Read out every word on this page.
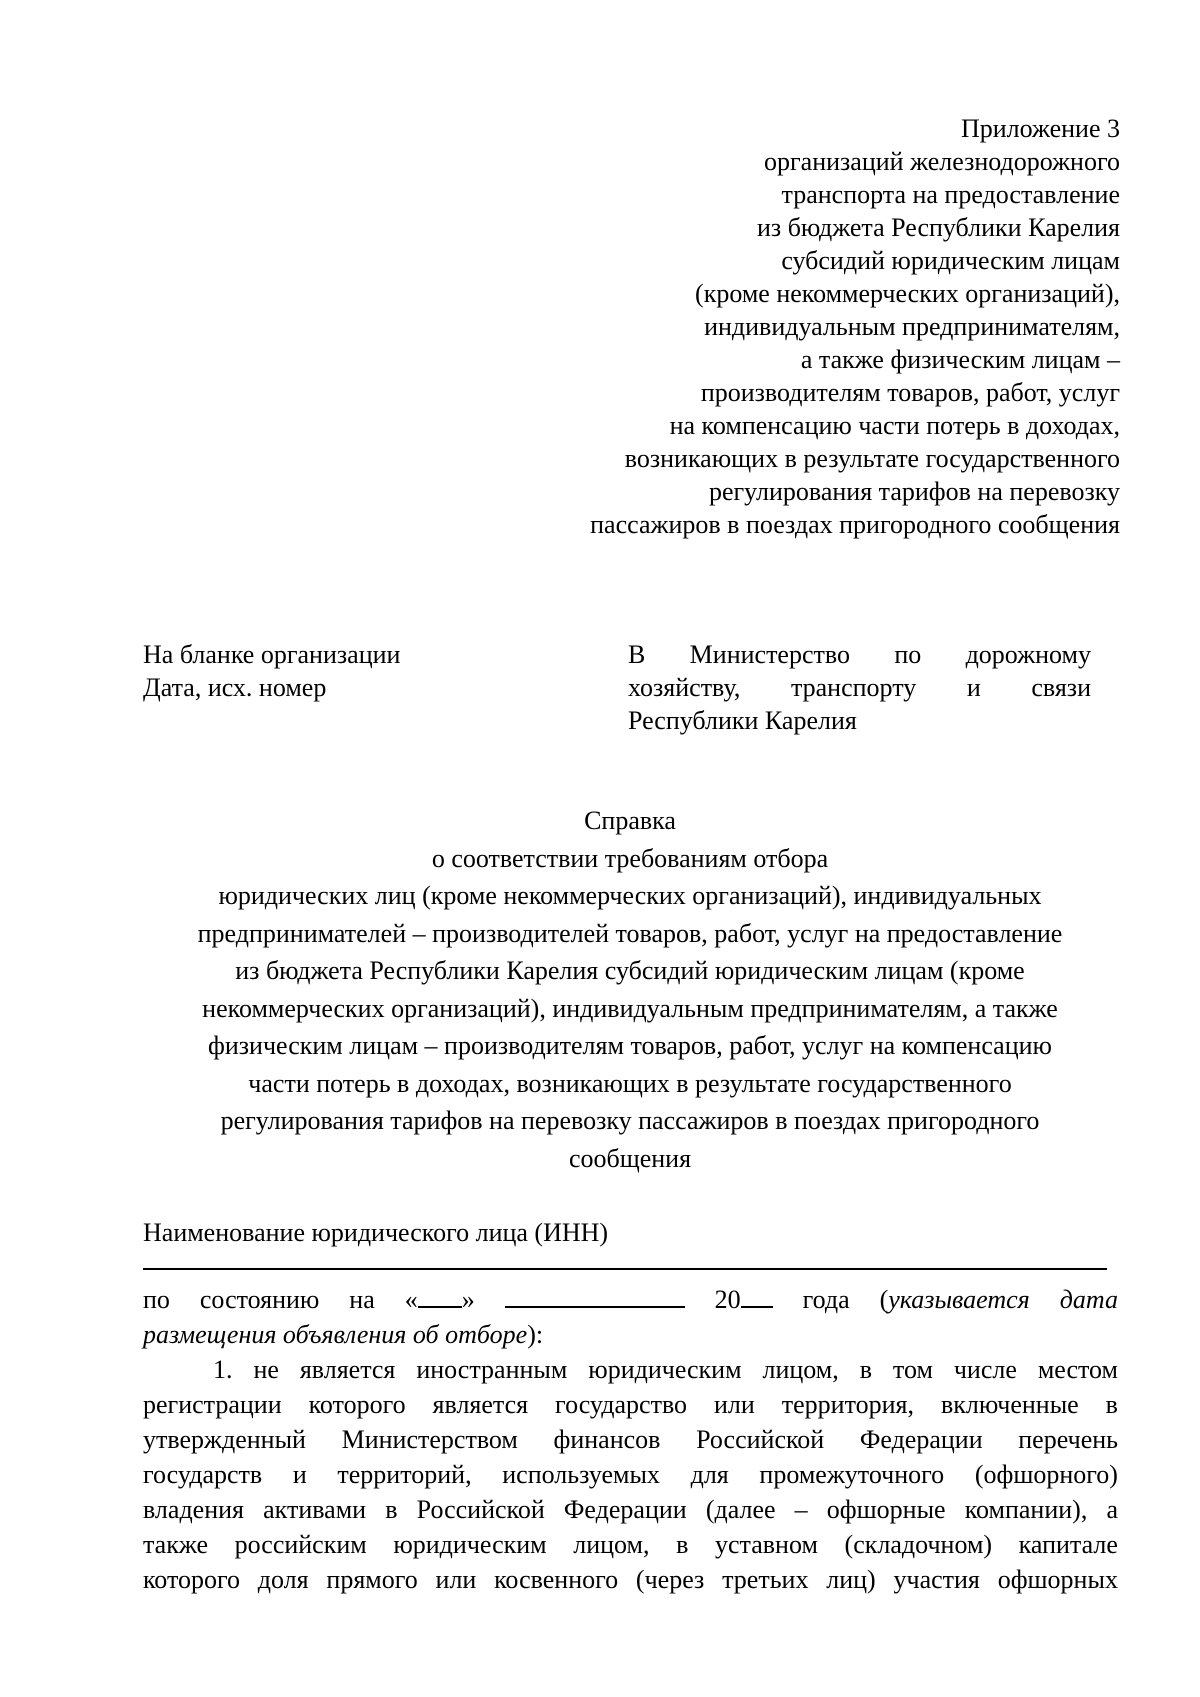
Приложение 3
организаций железнодорожного
транспорта на предоставление
из бюджета Республики Карелия
субсидий юридическим лицам
(кроме некоммерческих организаций),
индивидуальным предпринимателям,
а также физическим лицам –
производителям товаров, работ, услуг
на компенсацию части потерь в доходах,
возникающих в результате государственного
регулирования тарифов на перевозку
пассажиров в поездах пригородного сообщения
На бланке организации
Дата, исх. номер
В Министерство по дорожному
хозяйству, транспорту и связи
Республики Карелия
Справка
о соответствии требованиям отбора
юридических лиц (кроме некоммерческих организаций), индивидуальных
предпринимателей – производителей товаров, работ, услуг на предоставление
из бюджета Республики Карелия субсидий юридическим лицам (кроме
некоммерческих организаций), индивидуальным предпринимателям, а также
физическим лицам – производителям товаров, работ, услуг на компенсацию
части потерь в доходах, возникающих в результате государственного
регулирования тарифов на перевозку пассажиров в поездах пригородного
сообщения
Наименование юридического лица (ИНН)
по состоянию на « »	20	года (указывается дата
размещения объявления об отборе):
1. не является иностранным юридическим лицом, в том числе местом
регистрации которого является государство или территория, включенные в
утвержденный Министерством финансов Российской Федерации перечень
государств и территорий, используемых для промежуточного (офшорного)
владения активами в Российской Федерации (далее – офшорные компании), а
также российским юридическим лицом, в уставном (складочном) капитале
которого доля прямого или косвенного (через третьих лиц) участия офшорных
